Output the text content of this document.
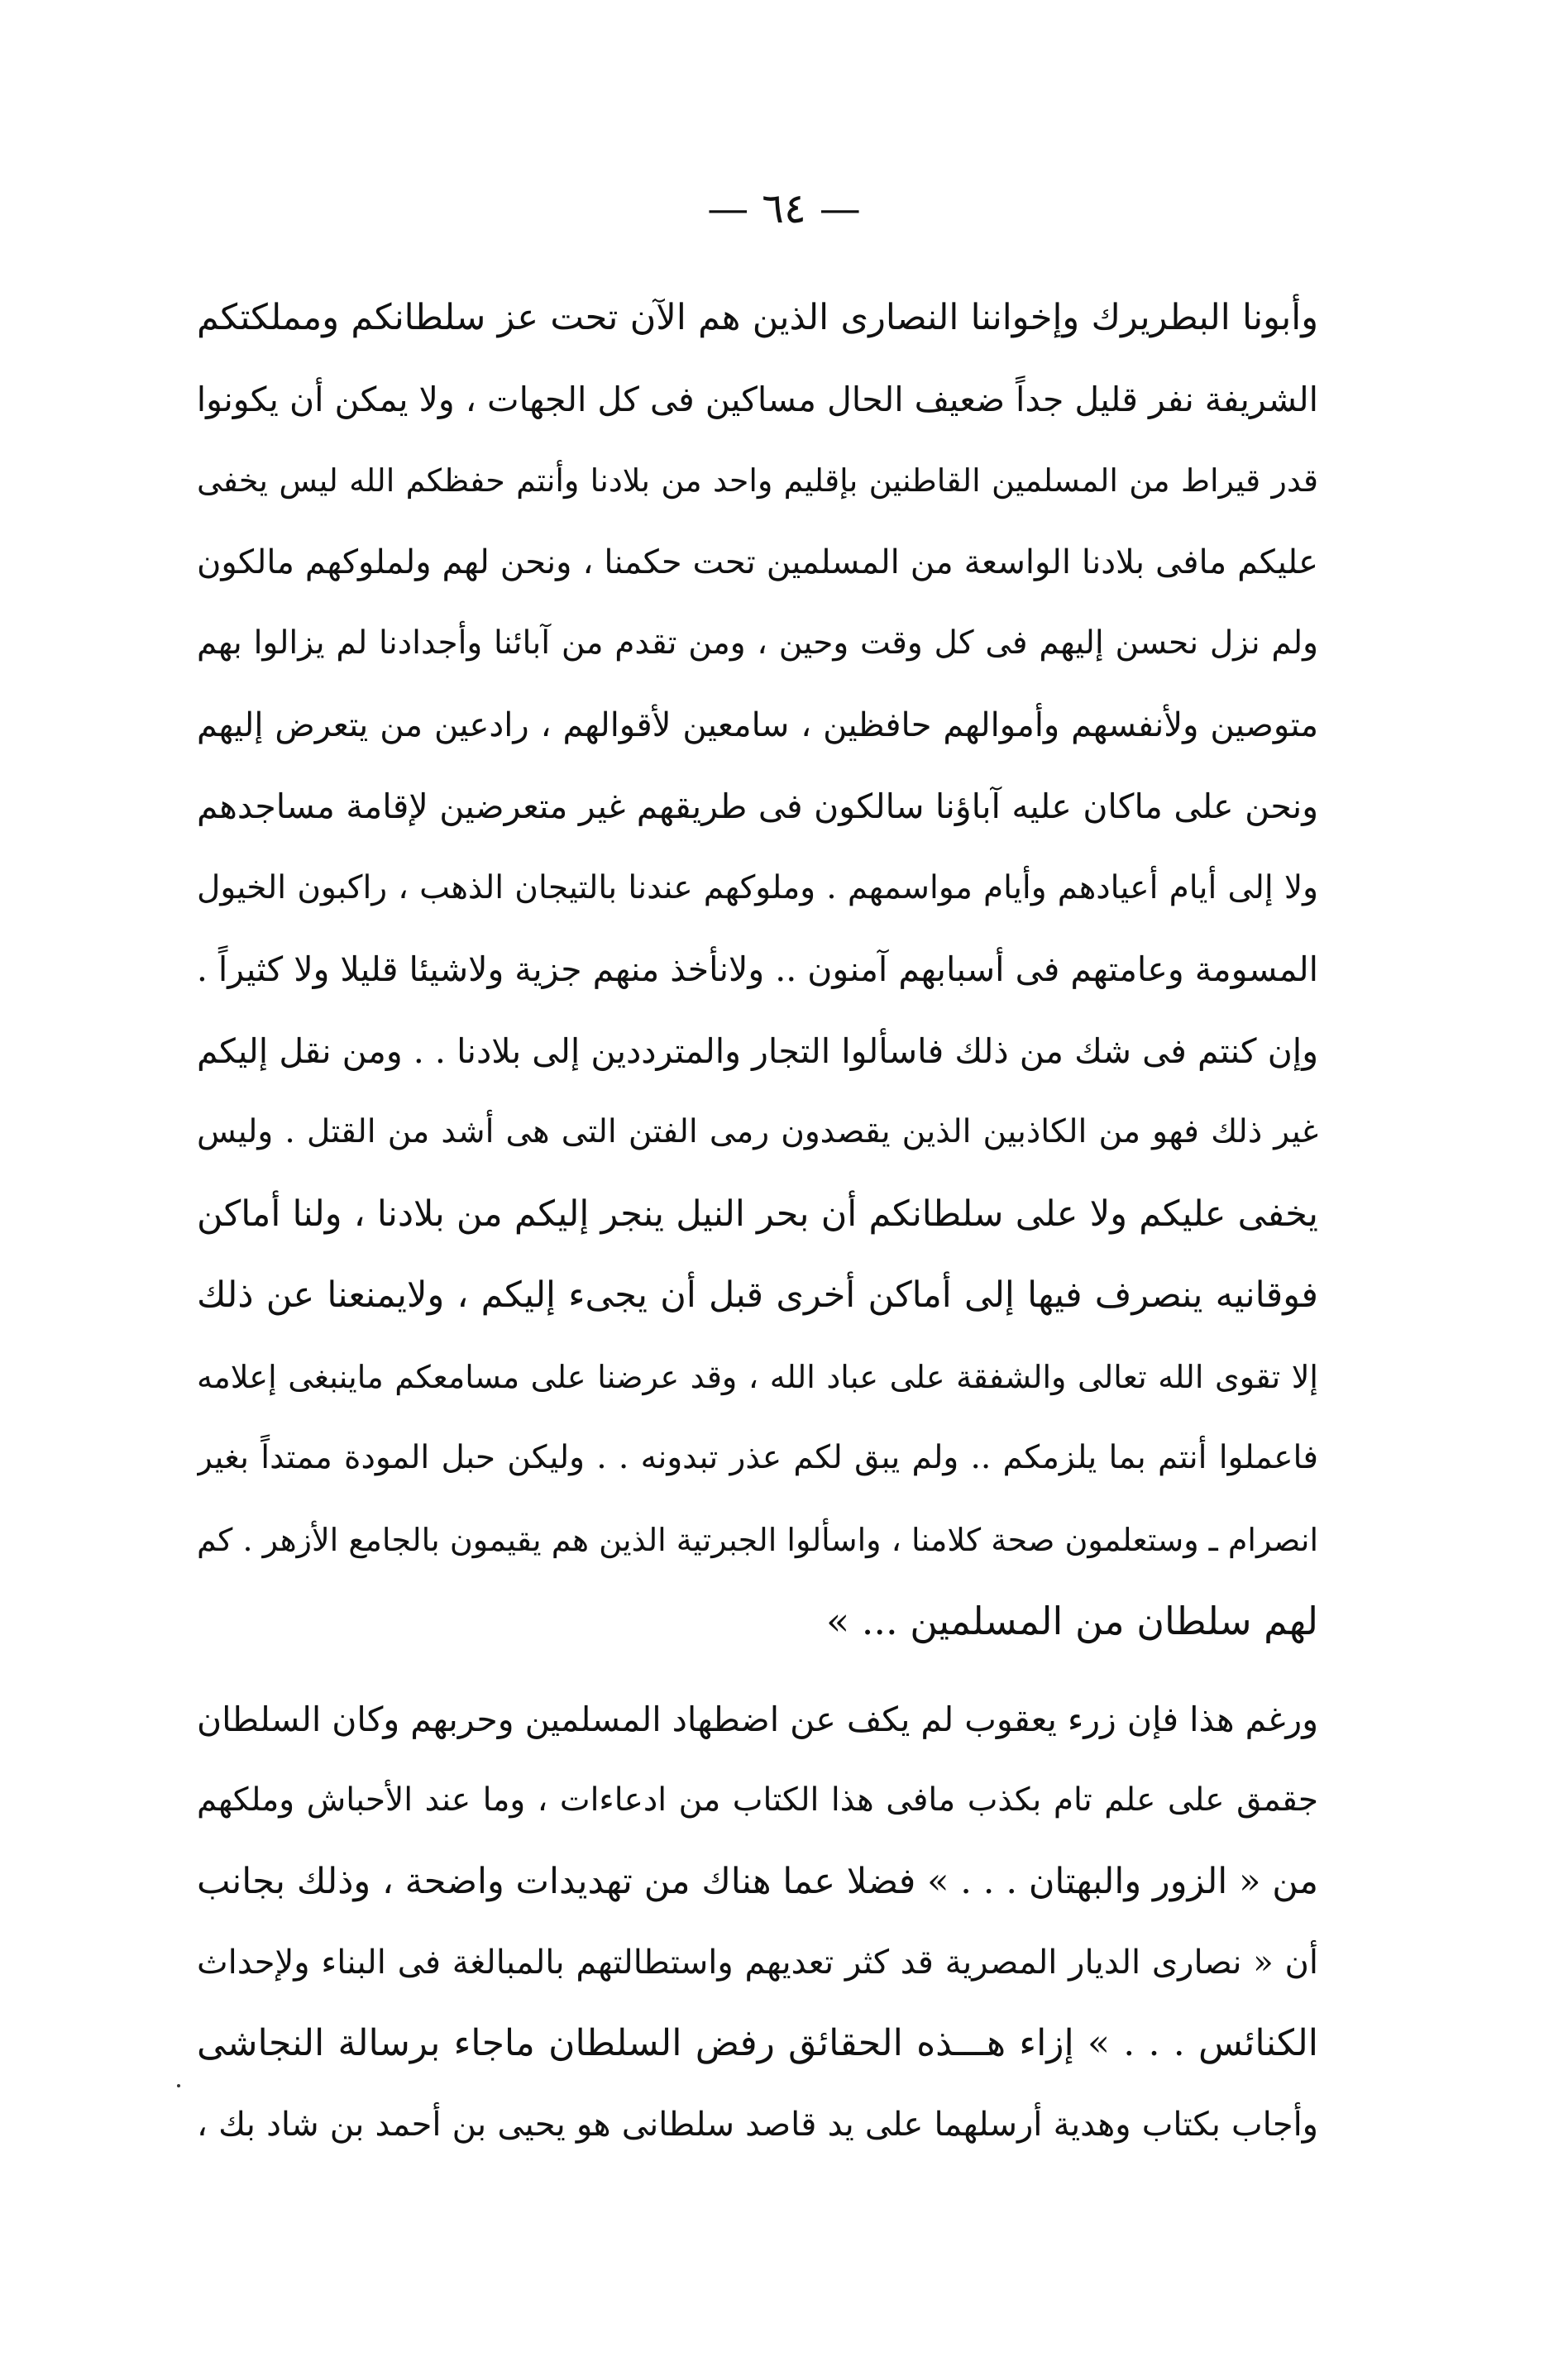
— ٦٤ —
وأبونا البطريرك وإخواننا النصارى الذين هم الآن تحت عز سلطانكم ومملكتكم
الشريفة نفر قليل جداً ضعيف الحال مساكين فى كل الجهات ، ولا يمكن أن يكونوا
قدر قيراط من المسلمين القاطنين بإقليم واحد من بلادنا وأنتم حفظكم الله ليس يخفى
عليكم مافى بلادنا الواسعة من المسلمين تحت حكمنا ، ونحن لهم ولملوكهم مالكون
ولم نزل نحسن إليهم فى كل وقت وحين ، ومن تقدم من آبائنا وأجدادنا لم يزالوا بهم
متوصين ولأنفسهم وأموالهم حافظين ، سامعين لأقوالهم ، رادعين من يتعرض إليهم
ونحن على ماكان عليه آباؤنا سالكون فى طريقهم غير متعرضين لإقامة مساجدهم
ولا إلى أيام أعيادهم وأيام مواسمهم . وملوكهم عندنا بالتيجان الذهب ، راكبون الخيول
المسومة وعامتهم فى أسبابهم آمنون .. ولانأخذ منهم جزية ولاشيئا قليلا ولا كثيراً .
وإن كنتم فى شك من ذلك فاسألوا التجار والمترددين إلى بلادنا . . ومن نقل إليكم
غير ذلك فهو من الكاذبين الذين يقصدون رمى الفتن التى هى أشد من القتل . وليس
يخفى عليكم ولا على سلطانكم أن بحر النيل ينجر إليكم من بلادنا ، ولنا أماكن
فوقانيه ينصرف فيها إلى أماكن أخرى قبل أن يجىء إليكم ، ولايمنعنا عن ذلك
إلا تقوى الله تعالى والشفقة على عباد الله ، وقد عرضنا على مسامعكم ماينبغى إعلامه
فاعملوا أنتم بما يلزمكم .. ولم يبق لكم عذر تبدونه . . وليكن حبل المودة ممتداً بغير
انصرام ـ وستعلمون صحة كلامنا ، واسألوا الجبرتية الذين هم يقيمون بالجامع الأزهر . كم
لهم سلطان من المسلمين ... »
ورغم هذا فإن زرء يعقوب لم يكف عن اضطهاد المسلمين وحربهم وكان السلطان
جقمق على علم تام بكذب مافى هذا الكتاب من ادعاءات ، وما عند الأحباش وملكهم
من « الزور والبهتان . . . » فضلا عما هناك من تهديدات واضحة ، وذلك بجانب
أن « نصارى الديار المصرية قد كثر تعديهم واستطالتهم بالمبالغة فى البناء ولإحداث
الكنائس . . . » إزاء هـــذه الحقائق رفض السلطان ماجاء برسالة النجاشى
وأجاب بكتاب وهدية أرسلهما على يد قاصد سلطانى هو يحيى بن أحمد بن شاد بك ،
